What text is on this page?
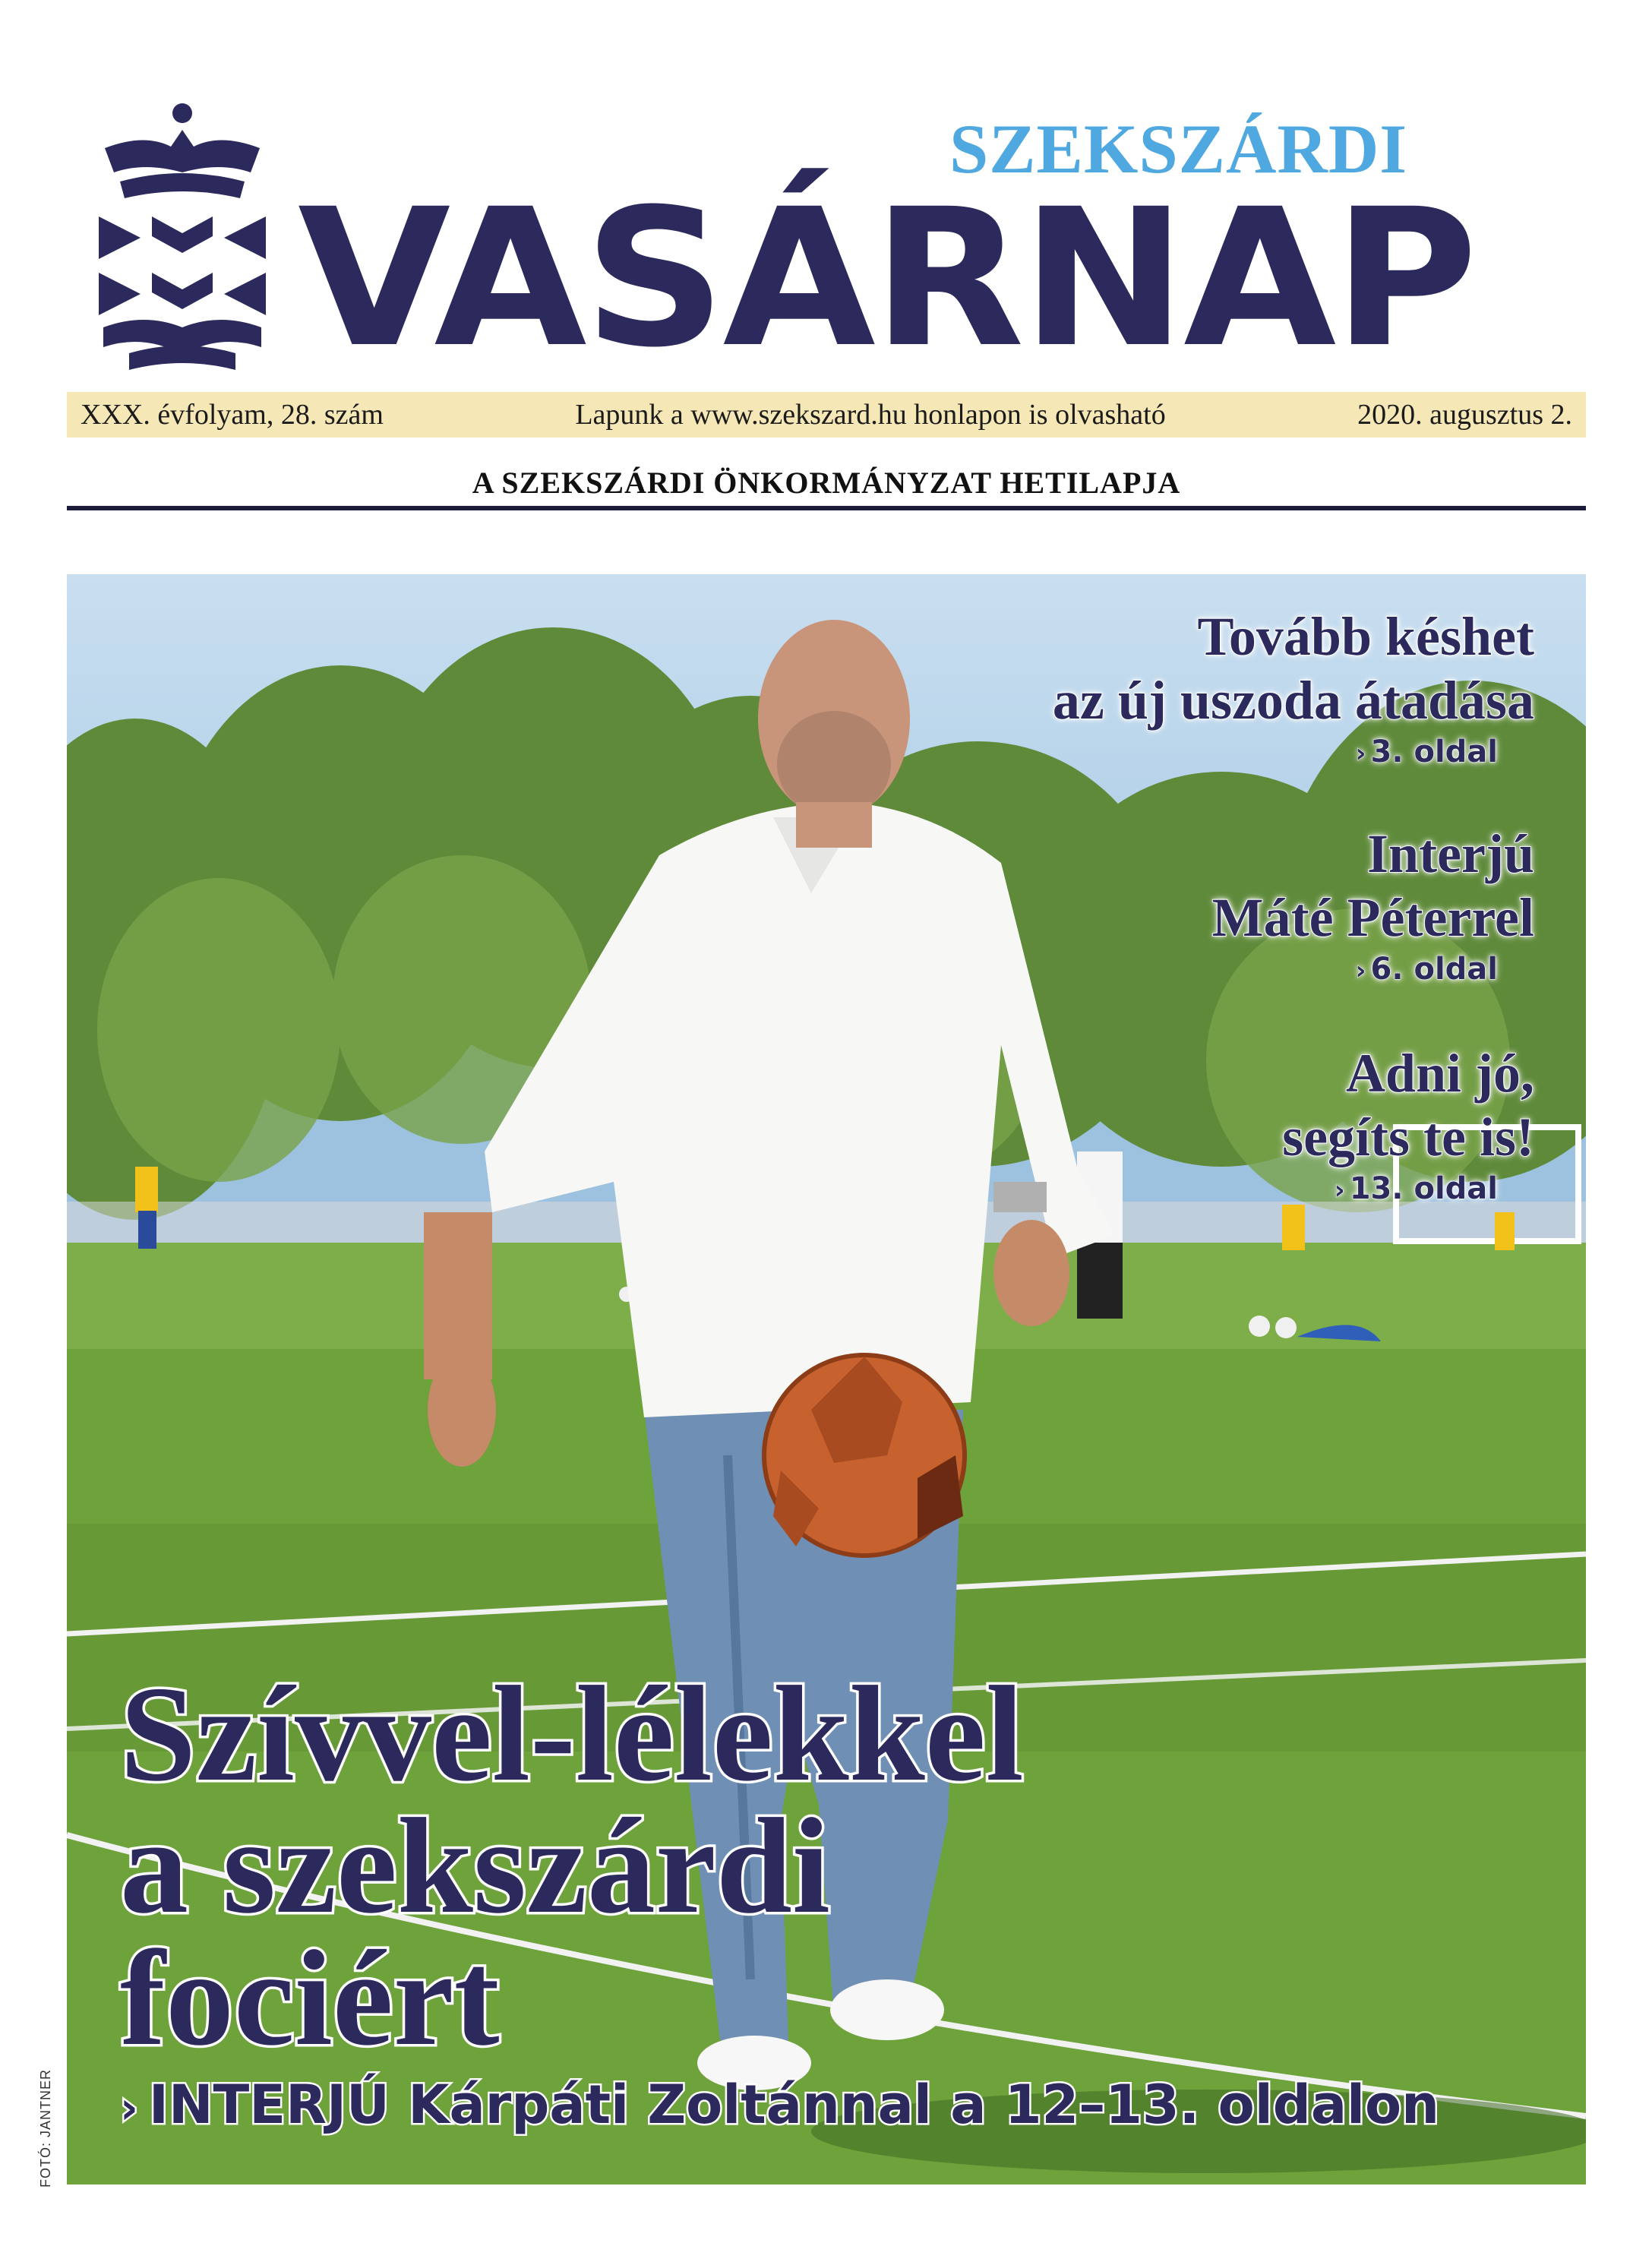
SZEKSZÁRDI
VASÁRNAP
XXX. évfolyam, 28. szám	Lapunk a www.szekszard.hu honlapon is olvasható	2020. augusztus 2.
A SZEKSZÁRDI ÖNKORMÁNYZAT HETILAPJA
Tovább késhet
az új uszoda átadása
› 3. oldal
Interjú
Máté Péterrel
› 6. oldal
Adni jó,
segíts te is!
› 13. oldal
Szívvel-lélekkel
a szekszárdi
fociért
› INTERJÚ Kárpáti Zoltánnal a 12–13. oldalon
FOTÓ: JANTNER
